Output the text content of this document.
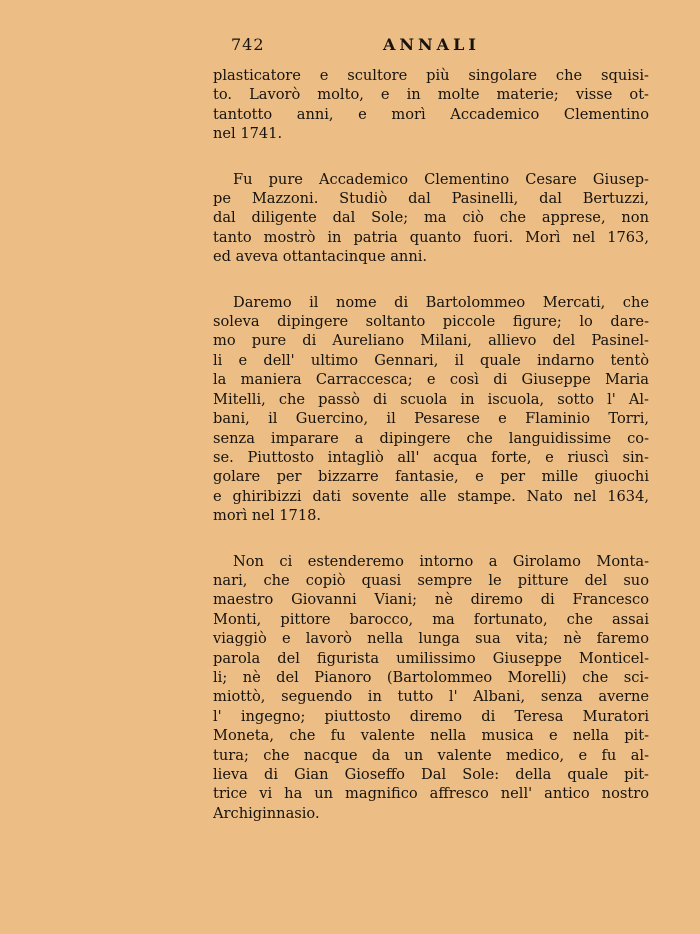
742	ANNALI
plasticatore e scultore più singolare che squisi-
to. Lavorò molto, e in molte materie; visse ot-
tantotto anni, e morì Accademico Clementino
nel 1741.
Fu pure Accademico Clementino Cesare Giusep-
pe Mazzoni. Studiò dal Pasinelli, dal Bertuzzi,
dal diligente dal Sole; ma ciò che apprese, non
tanto mostrò in patria quanto fuori. Morì nel 1763,
ed aveva ottantacinque anni.
Daremo il nome di Bartolommeo Mercati, che
soleva dipingere soltanto piccole figure; lo dare-
mo pure di Aureliano Milani, allievo del Pasinel-
li e dell' ultimo Gennari, il quale indarno tentò
la maniera Carraccesca; e così di Giuseppe Maria
Mitelli, che passò di scuola in iscuola, sotto l' Al-
bani, il Guercino, il Pesarese e Flaminio Torri,
senza imparare a dipingere che languidissime co-
se. Piuttosto intagliò all' acqua forte, e riuscì sin-
golare per bizzarre fantasie, e per mille giuochi
e ghiribizzi dati sovente alle stampe. Nato nel 1634,
morì nel 1718.
Non ci estenderemo intorno a Girolamo Monta-
nari, che copiò quasi sempre le pitture del suo
maestro Giovanni Viani; nè diremo di Francesco
Monti, pittore barocco, ma fortunato, che assai
viaggiò e lavorò nella lunga sua vita; nè faremo
parola del figurista umilissimo Giuseppe Monticel-
li; nè del Pianoro (Bartolommeo Morelli) che sci-
miottò, seguendo in tutto l' Albani, senza averne
l' ingegno; piuttosto diremo di Teresa Muratori
Moneta, che fu valente nella musica e nella pit-
tura; che nacque da un valente medico, e fu al-
lieva di Gian Gioseffo Dal Sole: della quale pit-
trice vi ha un magnifico affresco nell' antico nostro
Archiginnasio.
